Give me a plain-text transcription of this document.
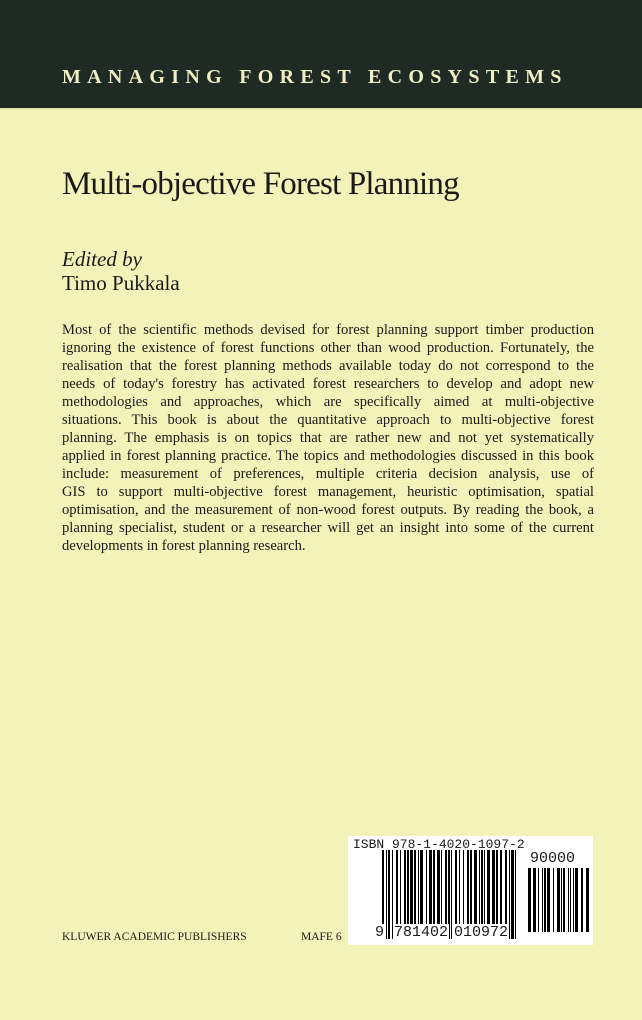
MANAGING FOREST ECOSYSTEMS
Multi-objective Forest Planning
Edited by
Timo Pukkala
Most of the scientific methods devised for forest planning support timber production
ignoring the existence of forest functions other than wood production. Fortunately, the
realisation that the forest planning methods available today do not correspond to the
needs of today's forestry has activated forest researchers to develop and adopt new
methodologies and approaches, which are specifically aimed at multi-objective
situations. This book is about the quantitative approach to multi-objective forest
planning. The emphasis is on topics that are rather new and not yet systematically
applied in forest planning practice. The topics and methodologies discussed in this book
include: measurement of preferences, multiple criteria decision analysis, use of
GIS to support multi-objective forest management, heuristic optimisation, spatial
optimisation, and the measurement of non-wood forest outputs. By reading the book, a
planning specialist, student or a researcher will get an insight into some of the current
developments in forest planning research.
KLUWER ACADEMIC PUBLISHERS	MAFE 6
ISBN 978-1-4020-1097-2
90000
9 781402 010972
